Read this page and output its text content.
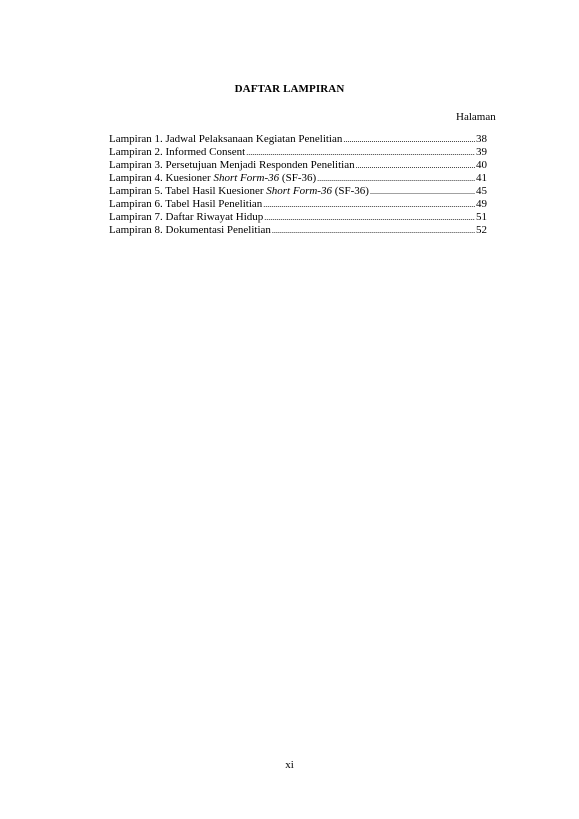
DAFTAR LAMPIRAN
Halaman
Lampiran 1. Jadwal Pelaksanaan Kegiatan Penelitian .....	38
Lampiran 2. Informed Consent .....	39
Lampiran 3. Persetujuan Menjadi Responden Penelitian .....	40
Lampiran 4. Kuesioner Short Form-36 (SF-36) .....	41
Lampiran 5. Tabel Hasil Kuesioner Short Form-36 (SF-36) .....	45
Lampiran 6. Tabel Hasil Penelitian .....	49
Lampiran 7. Daftar Riwayat Hidup .....	51
Lampiran 8. Dokumentasi Penelitian .....	52
xi
